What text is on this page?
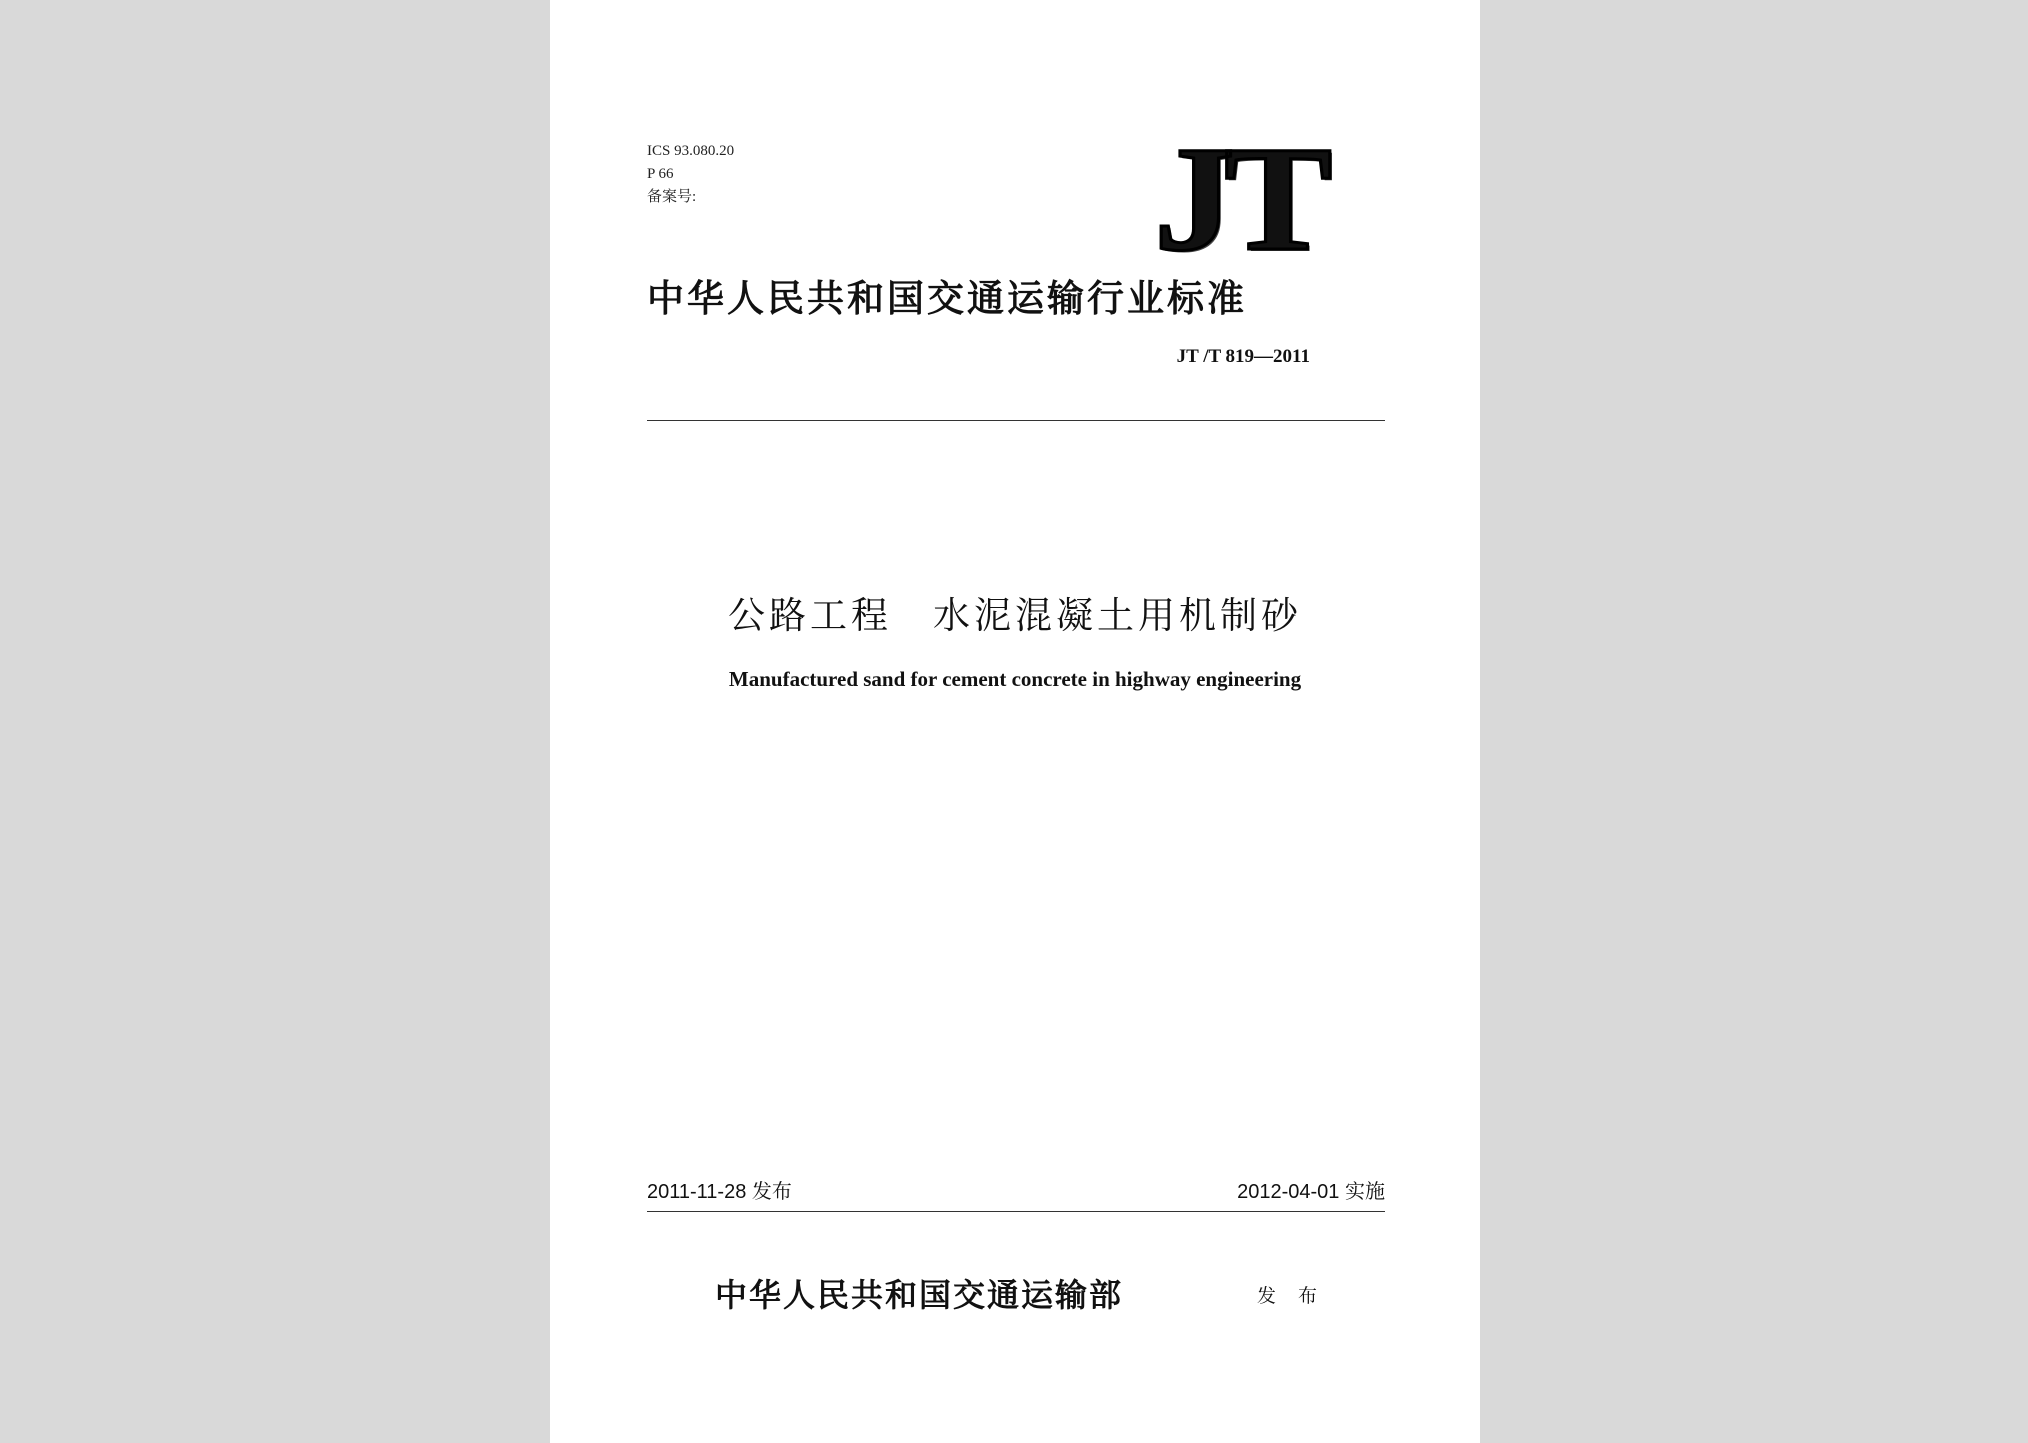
ICS 93.080.20
P 66
备案号:	JT
中华人民共和国交通运输行业标准
JT /T 819—2011
公路工程　水泥混凝土用机制砂
Manufactured sand for cement concrete in highway engineering
2011-11-28 发布	2012-04-01 实施
中华人民共和国交通运输部	发 布
